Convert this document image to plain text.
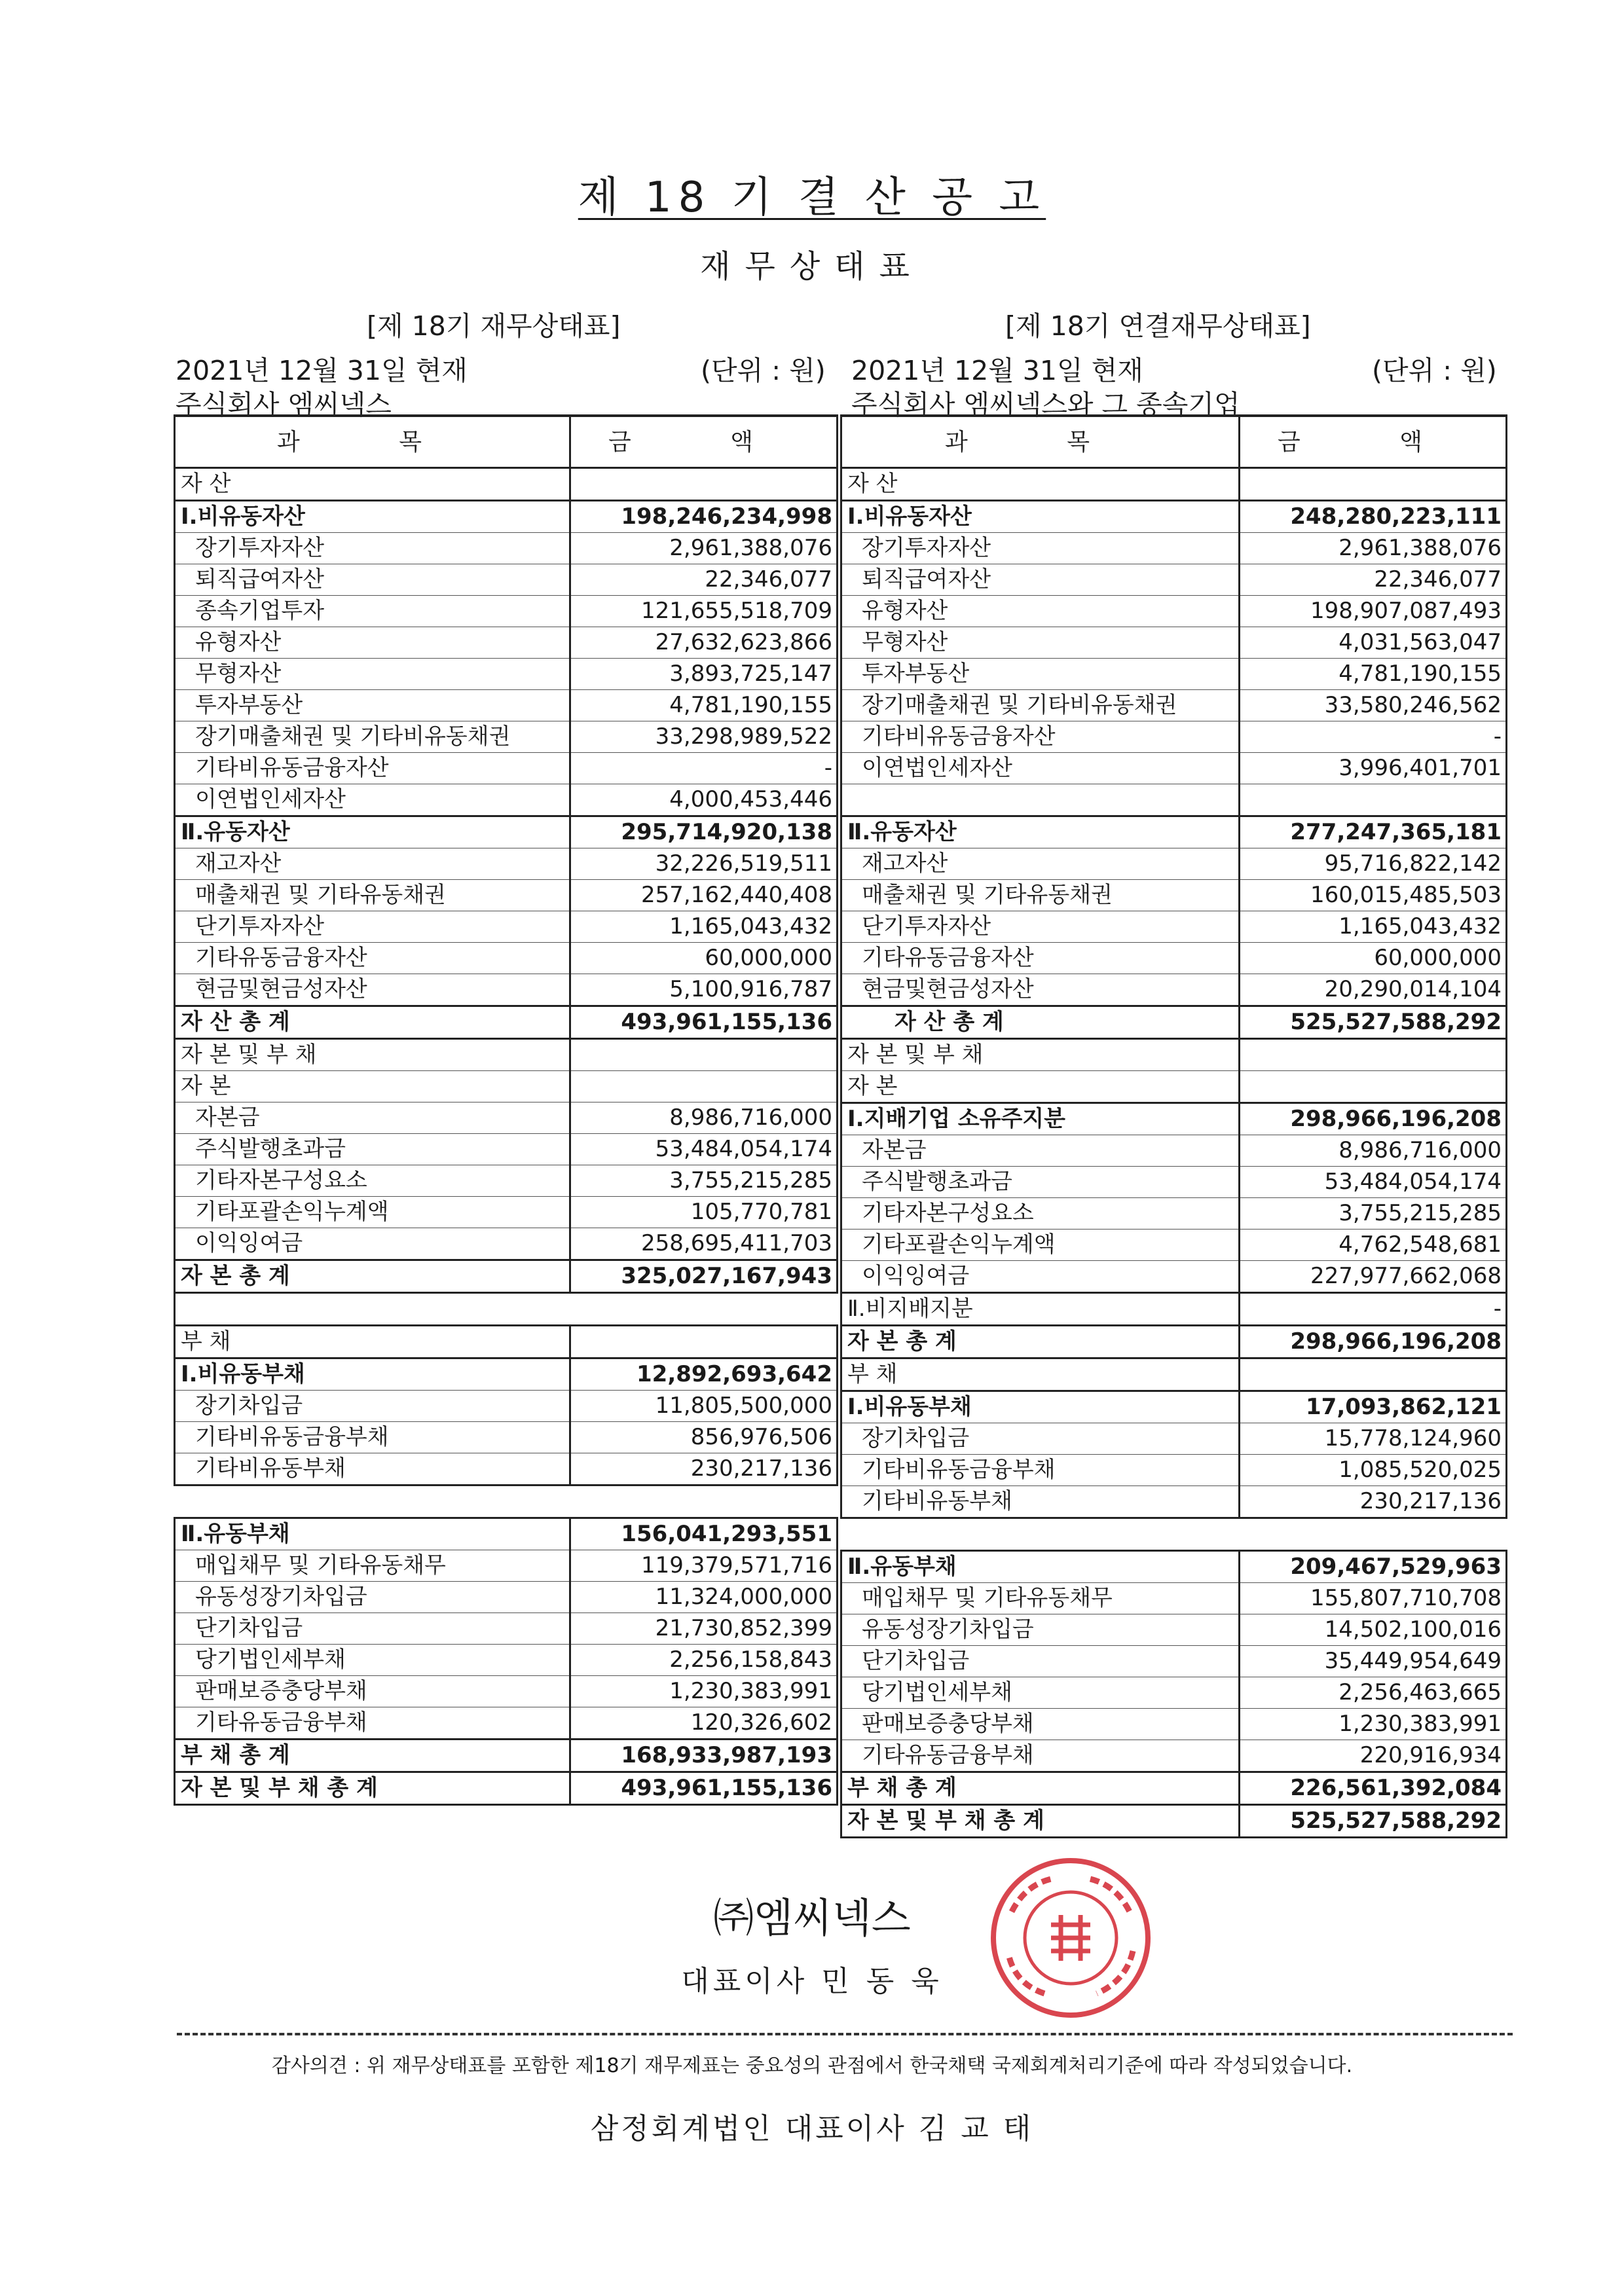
제 18 기 결 산 공 고
재무상태표
[제 18기 재무상태표]
2021년 12월 31일 현재	(단위 : 원)
주식회사 엠씨넥스
[제 18기 연결재무상태표]
2021년 12월 31일 현재	(단위 : 원)
주식회사 엠씨넥스와 그 종속기업
과 목	금 액
자 산	
Ⅰ.비유동자산	198,246,234,998
장기투자자산	2,961,388,076
퇴직급여자산	22,346,077
종속기업투자	121,655,518,709
유형자산	27,632,623,866
무형자산	3,893,725,147
투자부동산	4,781,190,155
장기매출채권 및 기타비유동채권	33,298,989,522
기타비유동금융자산	-
이연법인세자산	4,000,453,446
Ⅱ.유동자산	295,714,920,138
재고자산	32,226,519,511
매출채권 및 기타유동채권	257,162,440,408
단기투자자산	1,165,043,432
기타유동금융자산	60,000,000
현금및현금성자산	5,100,916,787
자 산 총 계	493,961,155,136
자 본 및 부 채	
자 본	
자본금	8,986,716,000
주식발행초과금	53,484,054,174
기타자본구성요소	3,755,215,285
기타포괄손익누계액	105,770,781
이익잉여금	258,695,411,703
자 본 총 계	325,027,167,943

부 채	
Ⅰ.비유동부채	12,892,693,642
장기차입금	11,805,500,000
기타비유동금융부채	856,976,506
기타비유동부채	230,217,136

Ⅱ.유동부채	156,041,293,551
매입채무 및 기타유동채무	119,379,571,716
유동성장기차입금	11,324,000,000
단기차입금	21,730,852,399
당기법인세부채	2,256,158,843
판매보증충당부채	1,230,383,991
기타유동금융부채	120,326,602
부 채 총 계	168,933,987,193
자 본 및 부 채 총 계	493,961,155,136
과 목	금 액
자 산	
Ⅰ.비유동자산	248,280,223,111
장기투자자산	2,961,388,076
퇴직급여자산	22,346,077
유형자산	198,907,087,493
무형자산	4,031,563,047
투자부동산	4,781,190,155
장기매출채권 및 기타비유동채권	33,580,246,562
기타비유동금융자산	-
이연법인세자산	3,996,401,701

Ⅱ.유동자산	277,247,365,181
재고자산	95,716,822,142
매출채권 및 기타유동채권	160,015,485,503
단기투자자산	1,165,043,432
기타유동금융자산	60,000,000
현금및현금성자산	20,290,014,104
자 산 총 계	525,527,588,292
자 본 및 부 채	
자 본	
Ⅰ.지배기업 소유주지분	298,966,196,208
자본금	8,986,716,000
주식발행초과금	53,484,054,174
기타자본구성요소	3,755,215,285
기타포괄손익누계액	4,762,548,681
이익잉여금	227,977,662,068
Ⅱ.비지배지분	-
자 본 총 계	298,966,196,208
부 채	
Ⅰ.비유동부채	17,093,862,121
장기차입금	15,778,124,960
기타비유동금융부채	1,085,520,025
기타비유동부채	230,217,136

Ⅱ.유동부채	209,467,529,963
매입채무 및 기타유동채무	155,807,710,708
유동성장기차입금	14,502,100,016
단기차입금	35,449,954,649
당기법인세부채	2,256,463,665
판매보증충당부채	1,230,383,991
기타유동금융부채	220,916,934
부 채 총 계	226,561,392,084
자 본 및 부 채 총 계	525,527,588,292
㈜엠씨넥스
대표이사 민 동 욱
감사의견 : 위 재무상태표를 포함한 제18기 재무제표는 중요성의 관점에서 한국채택 국제회계처리기준에 따라 작성되었습니다.
삼정회계법인 대표이사 김 교 태
